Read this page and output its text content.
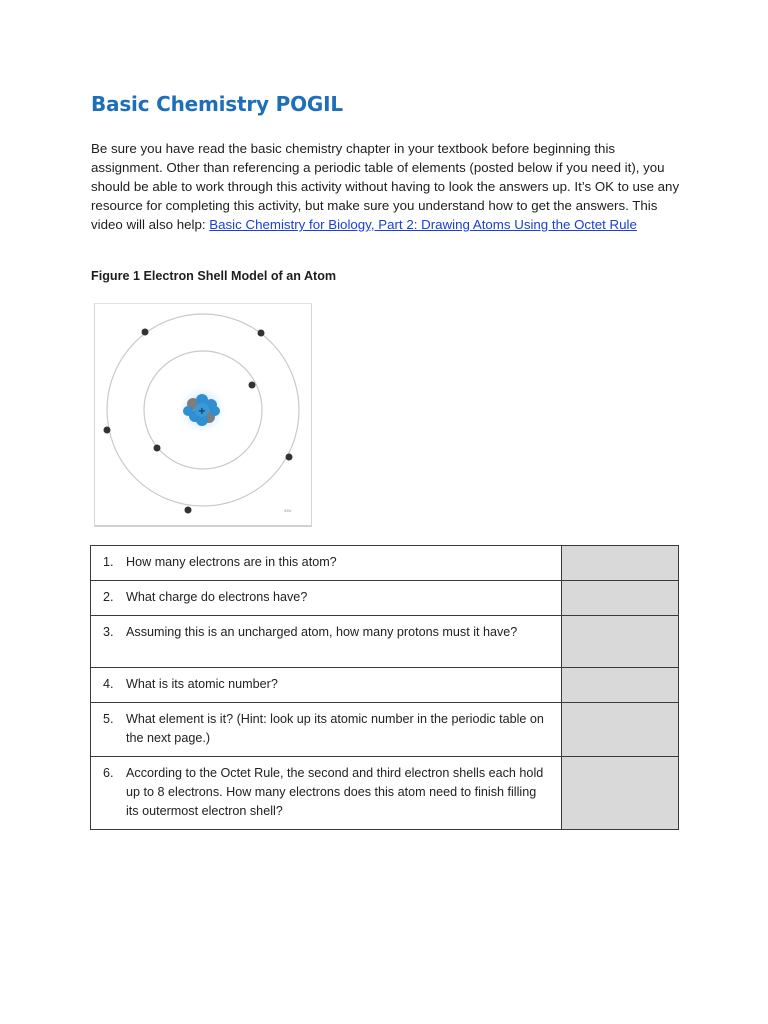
Basic Chemistry POGIL

Be sure you have read the basic chemistry chapter in your textbook before beginning this assignment. Other than referencing a periodic table of elements (posted below if you need it), you should be able to work through this activity without having to look the answers up. It’s OK to use any resource for completing this activity, but make sure you understand how to get the answers. This video will also help: Basic Chemistry for Biology, Part 2: Drawing Atoms Using the Octet Rule

Figure 1 Electron Shell Model of an Atom

+
aeu
1. How many electrons are in this atom?	

2. What charge do electrons have?	

3. Assuming this is an uncharged atom, how many protons must it have?	

4. What is its atomic number?	

5. What element is it? (Hint: look up its atomic number in the periodic table on the next page.)	

6. According to the Octet Rule, the second and third electron shells each hold up to 8 electrons. How many electrons does this atom need to finish filling its outermost electron shell?	
